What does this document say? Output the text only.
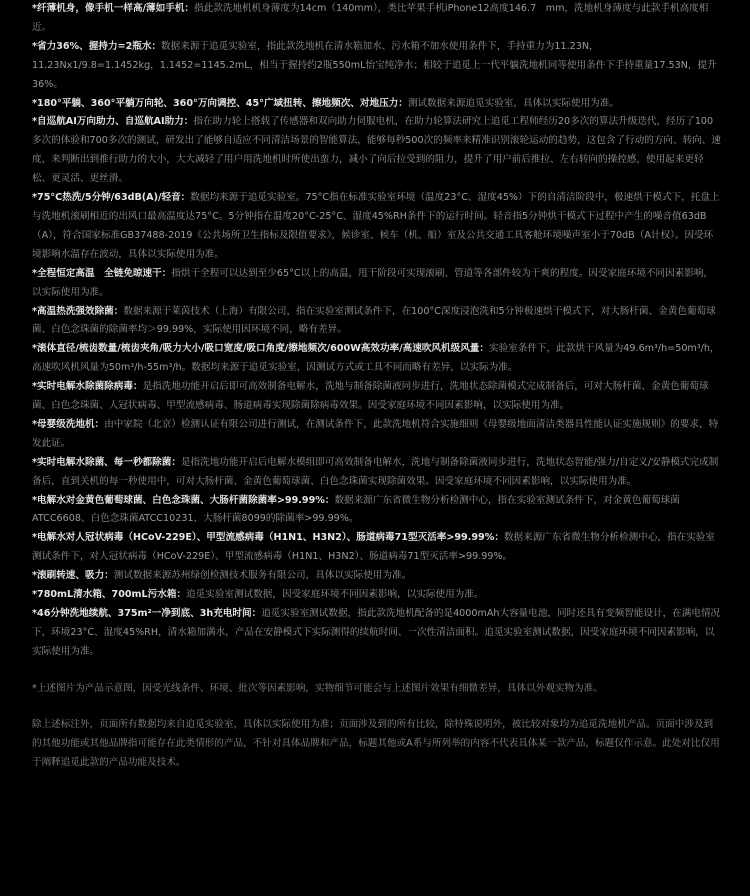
*纤薄机身，像手机一样高/薄如手机：指此款洗地机机身薄度为14cm（140mm），类比苹果手机iPhone12高度146.7　mm，洗地机身薄度与此款手机高度相近。

*省力36%、握持力=2瓶水：数据来源于追觅实验室，指此款洗地机在清水箱加水、污水箱不加水使用条件下，手持重力为11.23N，11.23Nx1/9.8=1.1452kg，1.1452=1145.2mL，相当于握持约2瓶550mL怡宝纯净水；相较于追觅上一代平躺洗地机同等使用条件下手持重量17.53N，提升36%。

*180°平躺、360°平躺万向轮、360°万向调控、45°广域扭转、擦地频次、对地压力：测试数据来源追觅实验室，具体以实际使用为准。

*自巡航AI万向助力、自巡航AI助力：指在助力轮上搭载了传感器和双向助力伺服电机，在助力轮算法研究上追觅工程师经历20多次的算法升级迭代，经历了100多次的体验和700多次的测试，研发出了能够自适应不同清洁场景的智能算法，能够每秒500次的频率来精准识别滚轮运动的趋势，这包含了行动的方向、转向、速度，来判断出到推行助力的大小，大大减轻了用户用洗地机时所使出蛮力，减小了向后拉受到的阻力，提升了用户前后推拉、左右转向的操控感，使用起来更轻松、更灵活、更丝滑。

*75°C热洗/5分钟/63dB(A)/轻音：数据均来源于追觅实验室。75°C指在标准实验室环境（温度23°C、湿度45%）下的自清洁阶段中，极速烘干模式下，托盘上与洗地机滚刷相近的出风口最高温度达75°C。5分钟指在温度20°C-25°C、湿度45%RH条件下的运行时间。轻音指5分钟烘干模式下过程中产生的噪音值63dB（A），符合国家标准GB37488-2019《公共场所卫生指标及限值要求》，候诊室、候车（机、船）室及公共交通工具客舱环境噪声室小于70dB（A计权）。因受环境影响水温存在波动，具体以实际使用为准。

*全程恒定高温　全链免晾速干：指烘干全程可以达到至少65°C以上的高温，甩干阶段可实现滚刷、管道等各部件较为干爽的程度。因受家庭环境不同因素影响，以实际使用为准。

*高温热洗强效除菌：数据来源于莱茵技术（上海）有限公司，指在实验室测试条件下，在100°C深度浸泡洗和5分钟极速烘干模式下，对大肠杆菌、金黄色葡萄球菌、白色念珠菌的除菌率均＞99.99%，实际使用因环境不同，略有差异。

*滚体直径/梳齿数量/梳齿夹角/吸力大小/吸口宽度/吸口角度/擦地频次/600W高效功率/高速吹风机级风量：实验室条件下，此款烘干风量为49.6m³/h=50m³/h，高速吹风机风量为50m³/h-55m³/h。数据均来源于追觅实验室，因测试方式或工具不同而略有差异，以实际为准。

*实时电解水除菌除病毒：是指洗地功能开启后即可高效制备电解水，洗地与制备除菌液同步进行，洗地状态除菌模式完成制备后，可对大肠杆菌、金黄色葡萄球菌、白色念珠菌、人冠状病毒、甲型流感病毒、肠道病毒实现除菌除病毒效果。因受家庭环境不同因素影响，以实际使用为准。

*母婴级洗地机：由中家院（北京）检测认证有限公司进行测试，在测试条件下，此款洗地机符合实施细则《母婴级地面清洁类器具性能认证实施规则》的要求，特发此证。

*实时电解水除菌、每一秒都除菌：是指洗地功能开启后电解水模组即可高效制备电解水，洗地与制备除菌液同步进行，洗地状态智能/强力/自定义/安静模式完成制备后，直到关机的每一秒使用中，可对大肠杆菌、金黄色葡萄球菌、白色念珠菌实现除菌效果。因受家庭环境不同因素影响，以实际使用为准。

*电解水对金黄色葡萄球菌、白色念珠菌、大肠杆菌除菌率>99.99%：数据来源广东省微生物分析检测中心，指在实验室测试条件下，对金黄色葡萄球菌ATCC6608、白色念珠菌ATCC10231、大肠杆菌8099的除菌率>99.99%。

*电解水对人冠状病毒（HCoV-229E）、甲型流感病毒（H1N1、H3N2）、肠道病毒71型灭活率>99.99%：数据来源广东省微生物分析检测中心，指在实验室测试条件下，对人冠状病毒（HCoV-229E）、甲型流感病毒（H1N1、H3N2）、肠道病毒71型灭活率>99.99%。

*滚刷转速、吸力：测试数据来源苏州绿创检测技术服务有限公司，具体以实际使用为准。

*780mL清水箱、700mL污水箱：追觅实验室测试数据，因受家庭环境不同因素影响，以实际使用为准。

*46分钟洗地续航、375m²一净到底、3h充电时间：追觅实验室测试数据，指此款洗地机配备的是4000mAh大容量电池，同时还具有变频智能设计，在满电情况下，环境23°C、湿度45%RH，清水箱加满水，产品在安静模式下实际测得的续航时间、一次性清洁面积。追觅实验室测试数据，因受家庭环境不同因素影响，以实际使用为准。

*上述图片为产品示意图，因受光线条件、环境、批次等因素影响，实物细节可能会与上述图片效果有细微差异，具体以外观实物为准。

除上述标注外，页面所有数据均来自追觅实验室，具体以实际使用为准；页面涉及到的所有比较，除特殊说明外，被比较对象均为追觅洗地机产品。页面中涉及到的其他功能或其他品牌指可能存在此类情形的产品，不针对具体品牌和产品，标题其他或A系与所列举的内容不代表具体某一款产品，标题仅作示意。此处对比仅用于阐释追觅此款的产品功能及技术。
